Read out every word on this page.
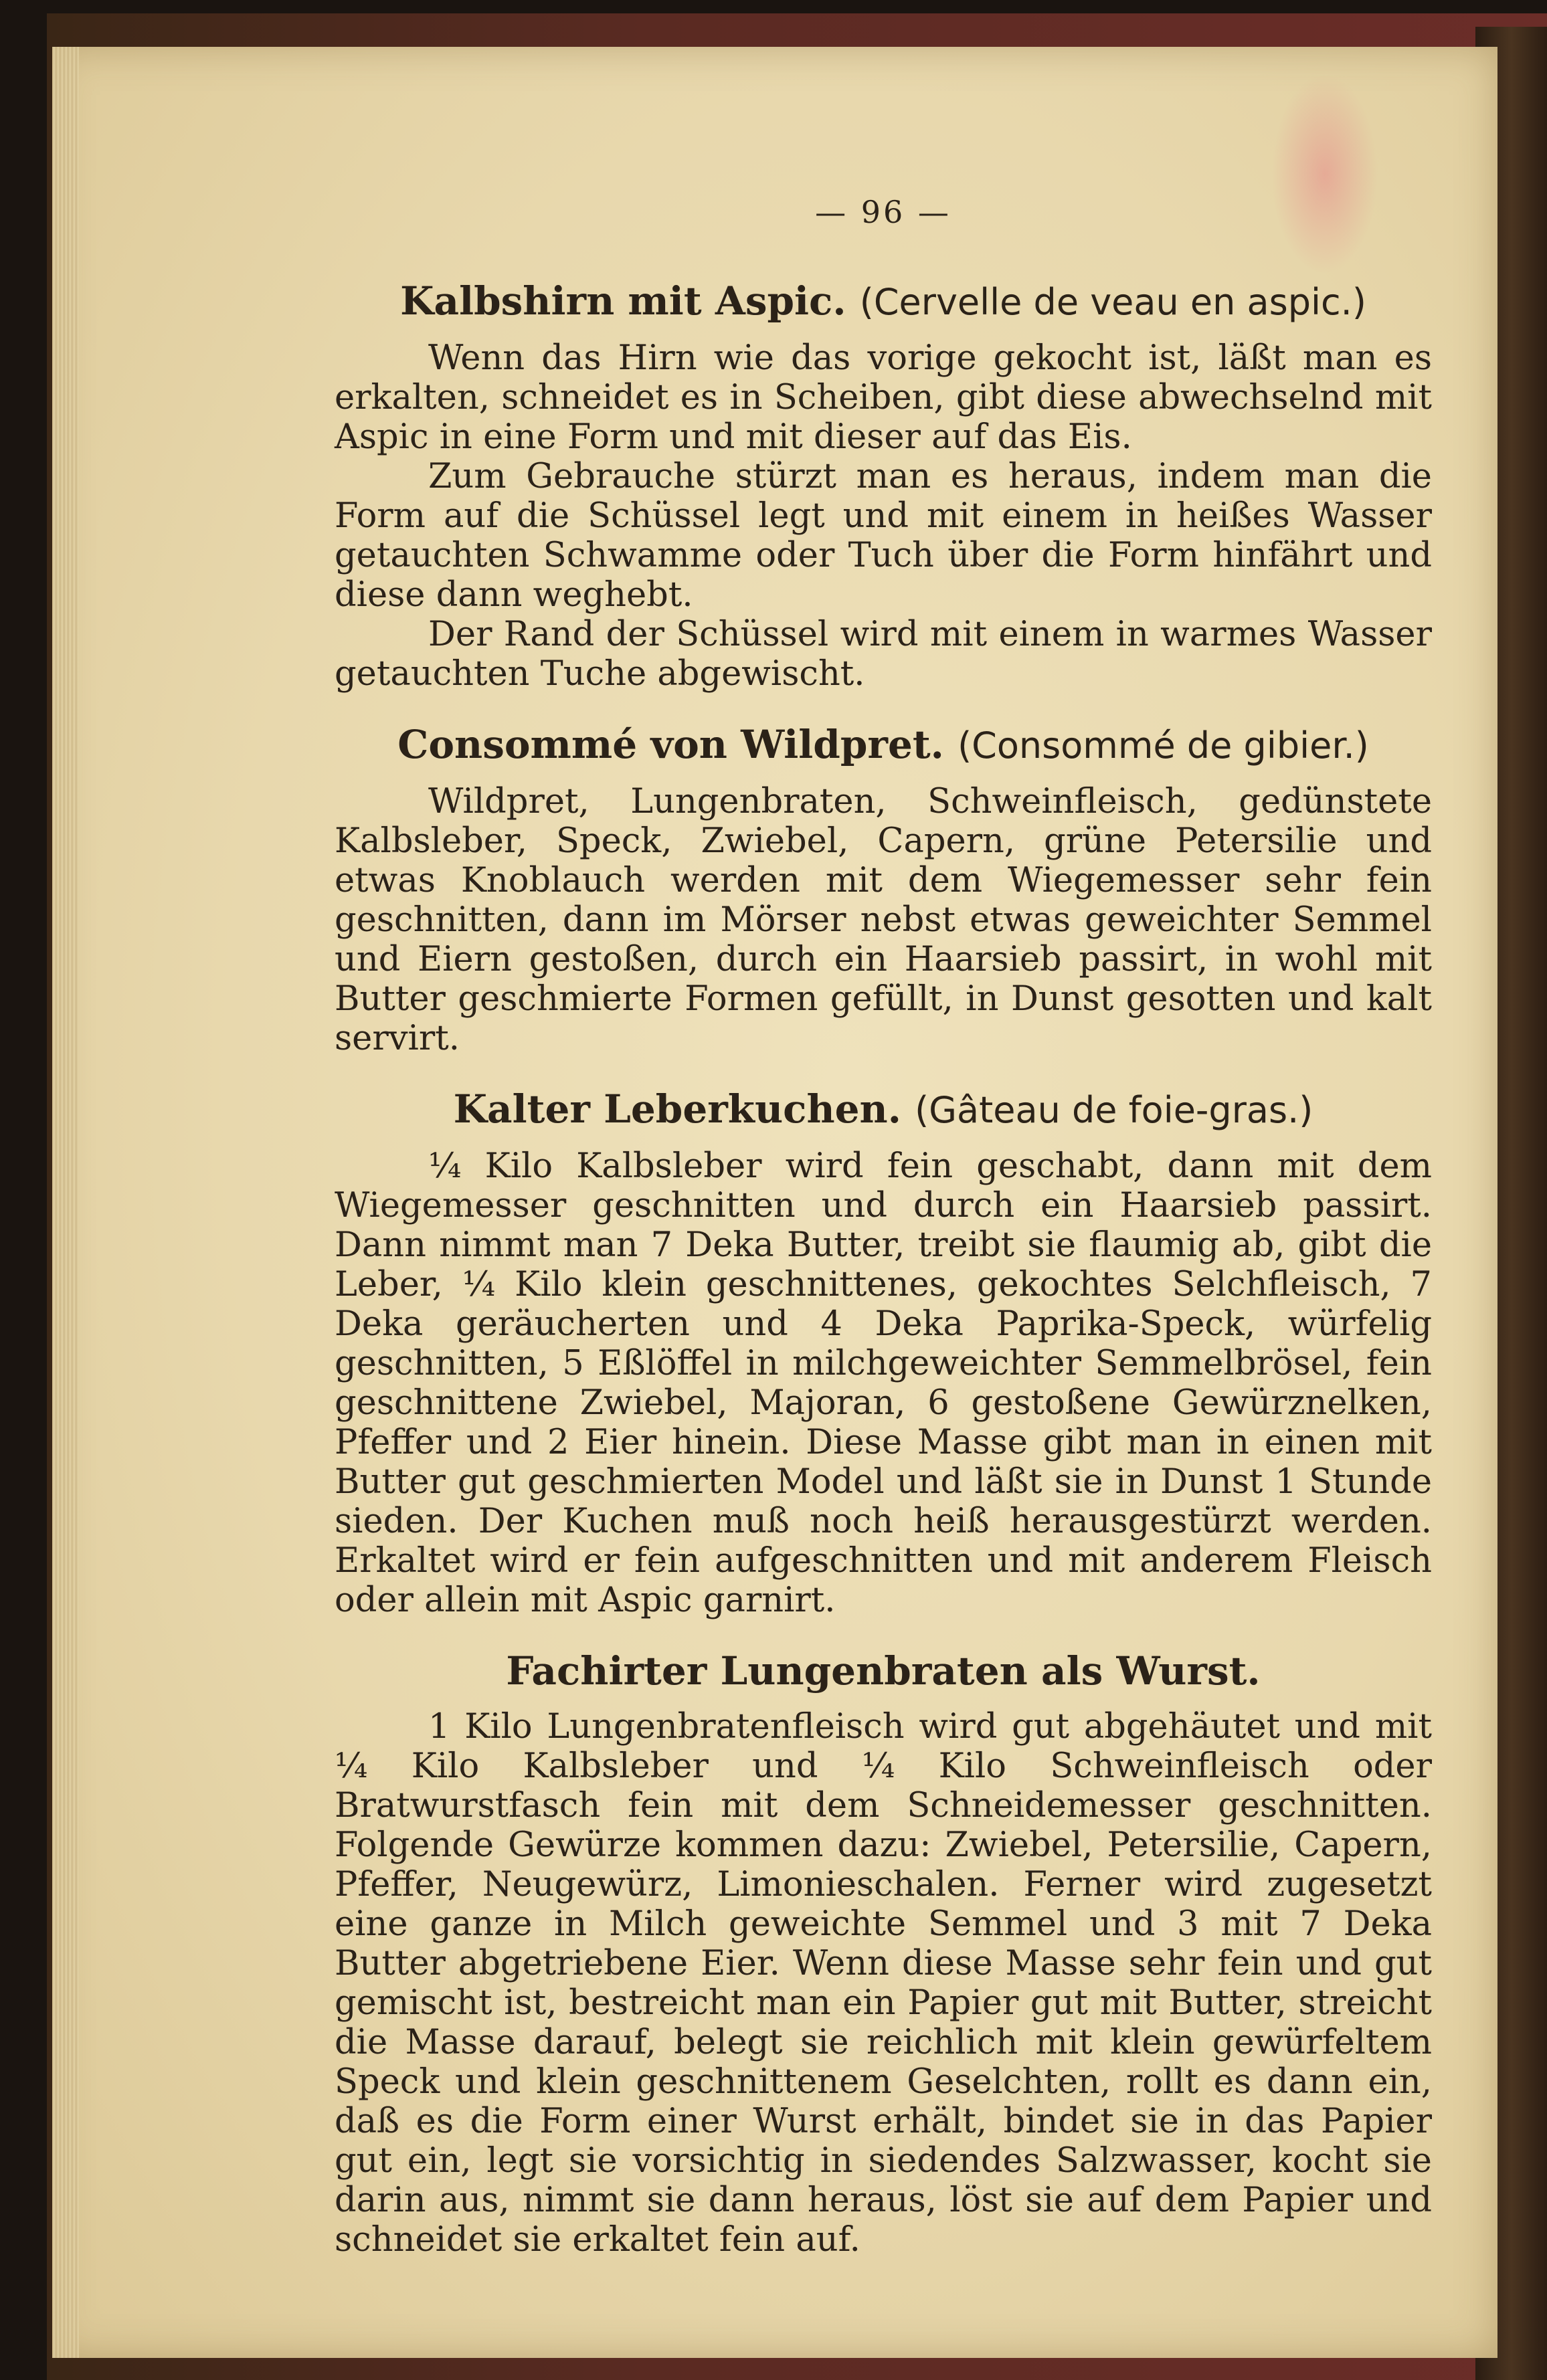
— 96 —
Kalbshirn mit Aspic. (Cervelle de veau en aspic.)

Wenn das Hirn wie das vorige gekocht ist, läßt man es erkalten, schneidet es in Scheiben, gibt diese abwechselnd mit Aspic in eine Form und mit dieser auf das Eis.

Zum Gebrauche stürzt man es heraus, indem man die Form auf die Schüssel legt und mit einem in heißes Wasser getauchten Schwamme oder Tuch über die Form hinfährt und diese dann weghebt.

Der Rand der Schüssel wird mit einem in warmes Wasser getauchten Tuche abgewischt.

Consommé von Wildpret. (Consommé de gibier.)

Wildpret, Lungenbraten, Schweinfleisch, gedünstete Kalbsleber, Speck, Zwiebel, Capern, grüne Petersilie und etwas Knoblauch werden mit dem Wiegemesser sehr fein geschnitten, dann im Mörser nebst etwas geweichter Semmel und Eiern gestoßen, durch ein Haarsieb passirt, in wohl mit Butter geschmierte Formen gefüllt, in Dunst gesotten und kalt servirt.

Kalter Leberkuchen. (Gâteau de foie-gras.)

¼ Kilo Kalbsleber wird fein geschabt, dann mit dem Wiegemesser geschnitten und durch ein Haarsieb passirt. Dann nimmt man 7 Deka Butter, treibt sie flaumig ab, gibt die Leber, ¼ Kilo klein geschnittenes, gekochtes Selchfleisch, 7 Deka geräucherten und 4 Deka Paprika-Speck, würfelig geschnitten, 5 Eßlöffel in milchgeweichter Semmelbrösel, fein geschnittene Zwiebel, Majoran, 6 gestoßene Gewürznelken, Pfeffer und 2 Eier hinein. Diese Masse gibt man in einen mit Butter gut geschmierten Model und läßt sie in Dunst 1 Stunde sieden. Der Kuchen muß noch heiß herausgestürzt werden. Erkaltet wird er fein aufgeschnitten und mit anderem Fleisch oder allein mit Aspic garnirt.

Fachirter Lungenbraten als Wurst.

1 Kilo Lungenbratenfleisch wird gut abgehäutet und mit ¼ Kilo Kalbsleber und ¼ Kilo Schweinfleisch oder Bratwurstfasch fein mit dem Schneidemesser geschnitten. Folgende Gewürze kommen dazu: Zwiebel, Petersilie, Capern, Pfeffer, Neugewürz, Limonieschalen. Ferner wird zugesetzt eine ganze in Milch geweichte Semmel und 3 mit 7 Deka Butter abgetriebene Eier. Wenn diese Masse sehr fein und gut gemischt ist, bestreicht man ein Papier gut mit Butter, streicht die Masse darauf, belegt sie reichlich mit klein gewürfeltem Speck und klein geschnittenem Geselchten, rollt es dann ein, daß es die Form einer Wurst erhält, bindet sie in das Papier gut ein, legt sie vorsichtig in siedendes Salzwasser, kocht sie darin aus, nimmt sie dann heraus, löst sie auf dem Papier und schneidet sie erkaltet fein auf.
